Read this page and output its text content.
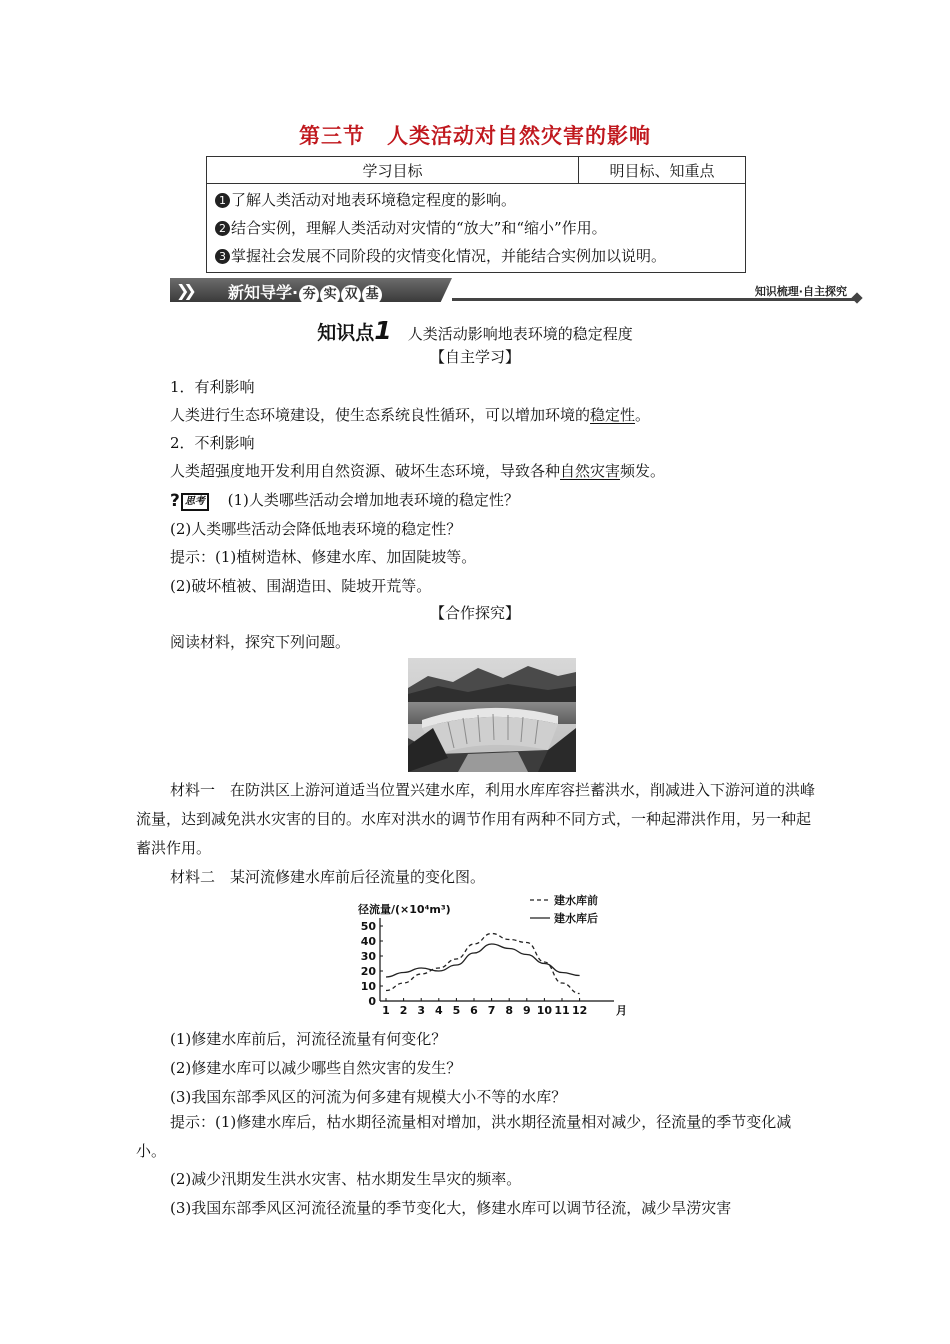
第三节　人类活动对自然灾害的影响
学习目标	明目标、知重点

1 了解人类活动对地表环境稳定程度的影响。
2 结合实例，理解人类活动对灾情的“放大”和“缩小”作用。
3 掌握社会发展不同阶段的灾情变化情况，并能结合实例加以说明。
❯❯ 新知导学· 夯 实 双 基	知识梳理·自主探究
知识点1 人类活动影响地表环境的稳定程度
【自主学习】
1．有利影响
人类进行生态环境建设，使生态系统良性循环，可以增加环境的稳定性。
2．不利影响
人类超强度地开发利用自然资源、破坏生态环境，导致各种自然灾害频发。
? 思考 (1)人类哪些活动会增加地表环境的稳定性？
(2)人类哪些活动会降低地表环境的稳定性？
提示：(1)植树造林、修建水库、加固陡坡等。
(2)破坏植被、围湖造田、陡坡开荒等。
【合作探究】
阅读材料，探究下列问题。
材料一　在防洪区上游河道适当位置兴建水库，利用水库库容拦蓄洪水，削减进入下游河道的洪峰流量，达到减免洪水灾害的目的。水库对洪水的调节作用有两种不同方式，一种起滞洪作用，另一种起蓄洪作用。
材料二　某河流修建水库前后径流量的变化图。
径流量/(×10⁴m³)
建水库前
建水库后
0
10
20
30
40
50
1 2 3 4 5 6 7 8 9 10 11 12	月
(1)修建水库前后，河流径流量有何变化？
(2)修建水库可以减少哪些自然灾害的发生？
(3)我国东部季风区的河流为何多建有规模大小不等的水库？
提示：(1)修建水库后，枯水期径流量相对增加，洪水期径流量相对减少，径流量的季节变化减小。
(2)减少汛期发生洪水灾害、枯水期发生旱灾的频率。
(3)我国东部季风区河流径流量的季节变化大，修建水库可以调节径流，减少旱涝灾害
